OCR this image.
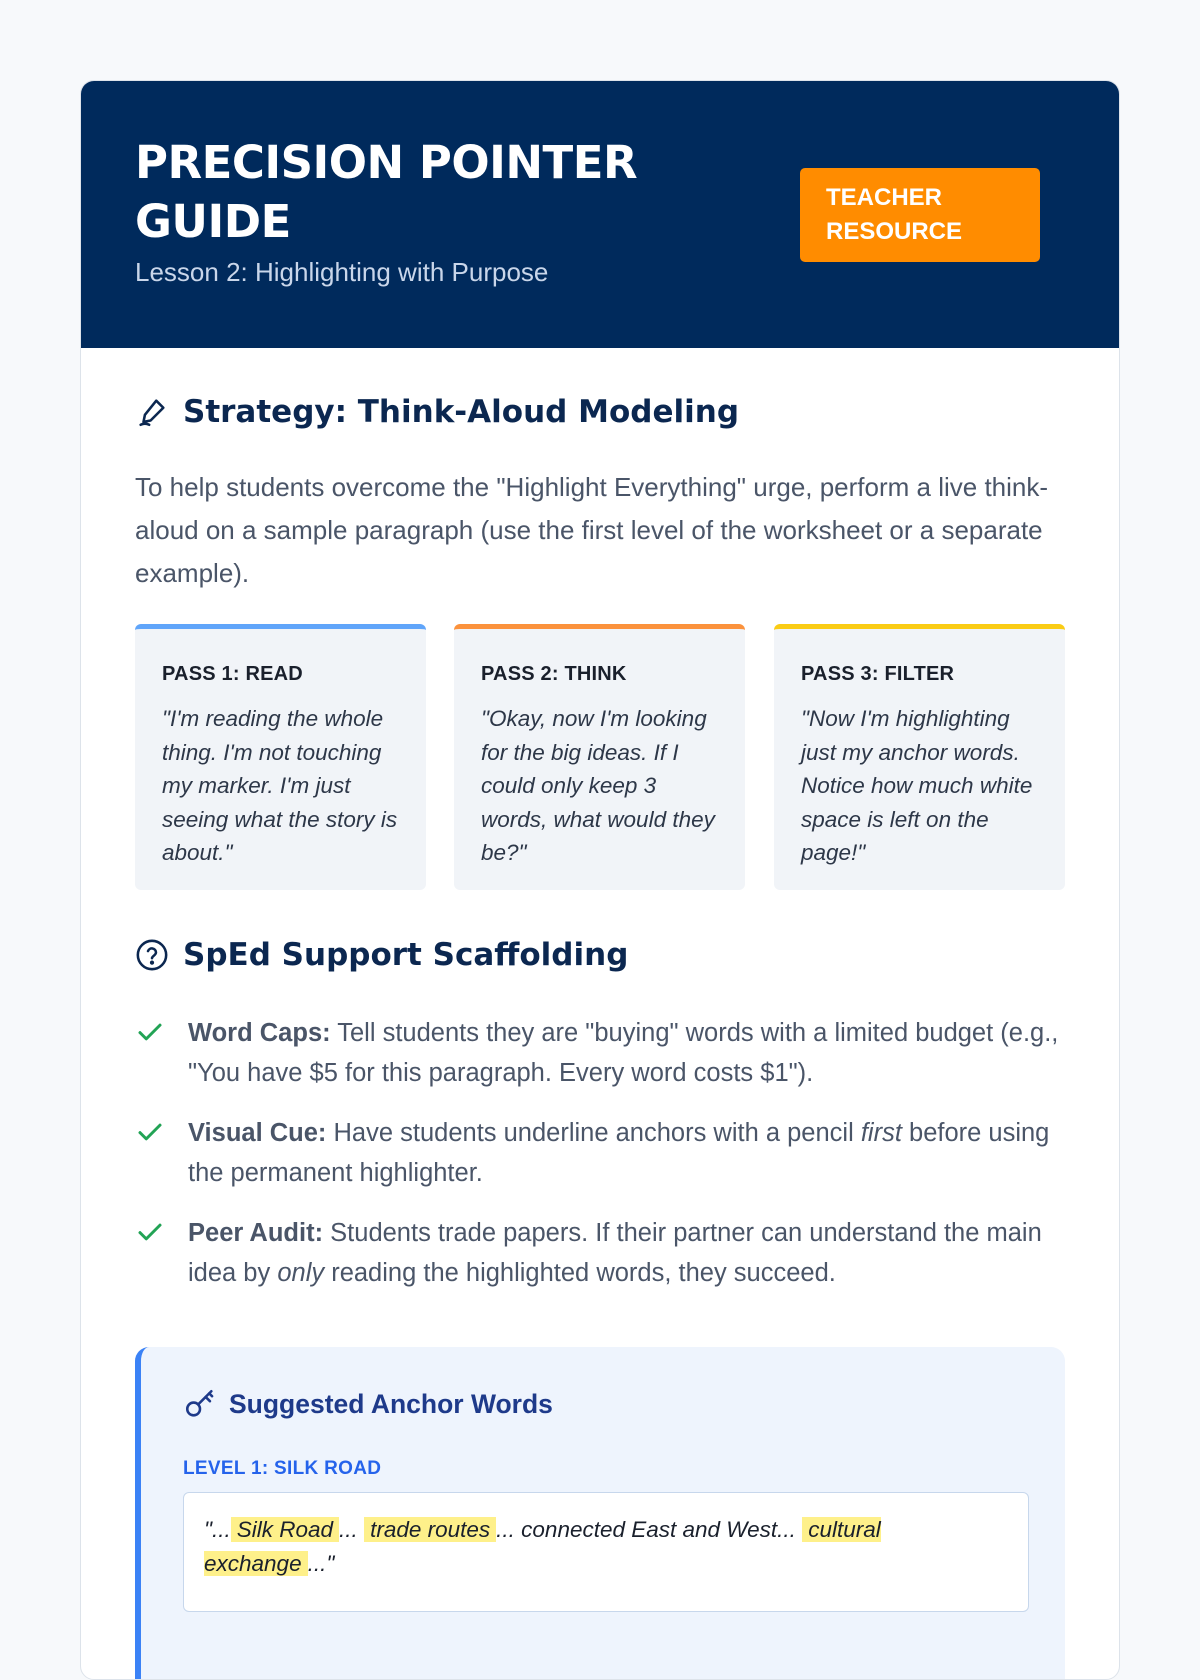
PRECISION POINTER GUIDE
Lesson 2: Highlighting with Purpose
TEACHER RESOURCE
Strategy: Think-Aloud Modeling
To help students overcome the "Highlight Everything" urge, perform a live think-aloud on a sample paragraph (use the first level of the worksheet or a separate example).
PASS 1: READ
"I'm reading the whole thing. I'm not touching my marker. I'm just seeing what the story is about."
PASS 2: THINK
"Okay, now I'm looking for the big ideas. If I could only keep 3 words, what would they be?"
PASS 3: FILTER
"Now I'm highlighting just my anchor words. Notice how much white space is left on the page!"
SpEd Support Scaffolding
Word Caps: Tell students they are "buying" words with a limited budget (e.g., "You have $5 for this paragraph. Every word costs $1").
Visual Cue: Have students underline anchors with a pencil first before using the permanent highlighter.
Peer Audit: Students trade papers. If their partner can understand the main idea by only reading the highlighted words, they succeed.
Suggested Anchor Words
LEVEL 1: SILK ROAD
"... Silk Road ... trade routes ... connected East and West... cultural exchange ..."
